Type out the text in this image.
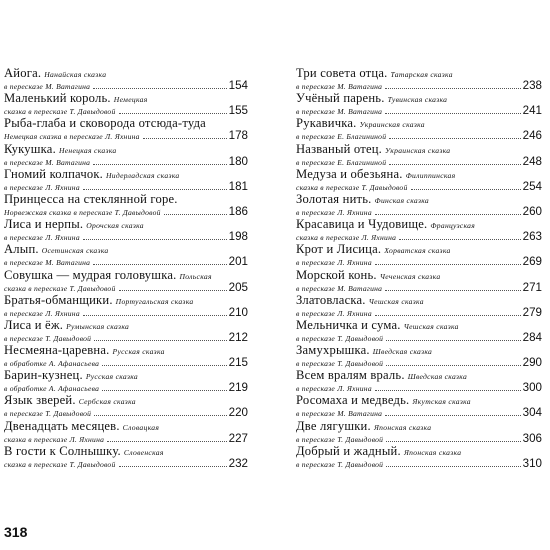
Айога. Нанайская сказка
в пересказе М. Ватагина	154
Маленький король. Немецкая
сказка в пересказе Т. Давыдовой	155
Рыба-глаба и сковорода отсюда-туда
Немецкая сказка в пересказе Л. Яхнина	178
Кукушка. Ненецкая сказка
в пересказе М. Ватагина	180
Гномий колпачок. Нидерладская сказка
в пересказе Л. Яхнина	181
Принцесса на стеклянной горе.
Норвежская сказка в пересказе Т. Давыдовой	186
Лиса и нерпы. Орочская сказка
в пересказе Л. Яхнина	198
Алып. Осетинская сказка
в пересказе М. Ватагина	201
Совушка — мудрая головушка. Польская
сказка в пересказе Т. Давыдовой	205
Братья-обманщики. Португальская сказка
в пересказе Л. Яхнина	210
Лиса и ёж. Румынская сказка
в пересказе Т. Давыдовой	212
Несмеяна-царевна. Русская сказка
в обработке А. Афанасьева	215
Барин-кузнец. Русская сказка
в обработке А. Афанасьева	219
Язык зверей. Сербская сказка
в пересказе Т. Давыдовой	220
Двенадцать месяцев. Словацкая
сказка в пересказе Л. Яхнина	227
В гости к Солнышку. Словенская
сказка в пересказе Т. Давыдовой	232
Три совета отца. Татарская сказка
в пересказе М. Ватагина	238
Учёный парень. Тувинская сказка
в пересказе М. Ватагина	241
Рукавичка. Украинская сказка
в пересказе Е. Благининой	246
Названый отец. Украинская сказка
в пересказе Е. Благининой	248
Медуза и обезьяна. Филиппинская
сказка в пересказе Т. Давыдовой	254
Золотая нить. Финская сказка
в пересказе Л. Яхнина	260
Красавица и Чудовище. Французская
сказка в пересказе Л. Яхнина	263
Крот и Лисица. Хорватская сказка
в пересказе Л. Яхнина	269
Морской конь. Чеченская сказка
в пересказе М. Ватагина	271
Златовласка. Чешская сказка
в пересказе Л. Яхнина	279
Мельничка и сума. Чешская сказка
в пересказе Т. Давыдовой	284
Замухрышка. Шведская сказка
в пересказе Т. Давыдовой	290
Всем вралям враль. Шведская сказка
в пересказе Л. Яхнина	300
Росомаха и медведь. Якутская сказка
в пересказе М. Ватагина	304
Две лягушки. Японская сказка
в пересказе Т. Давыдовой	306
Добрый и жадный. Японская сказка
в пересказе Т. Давыдовой	310
318
